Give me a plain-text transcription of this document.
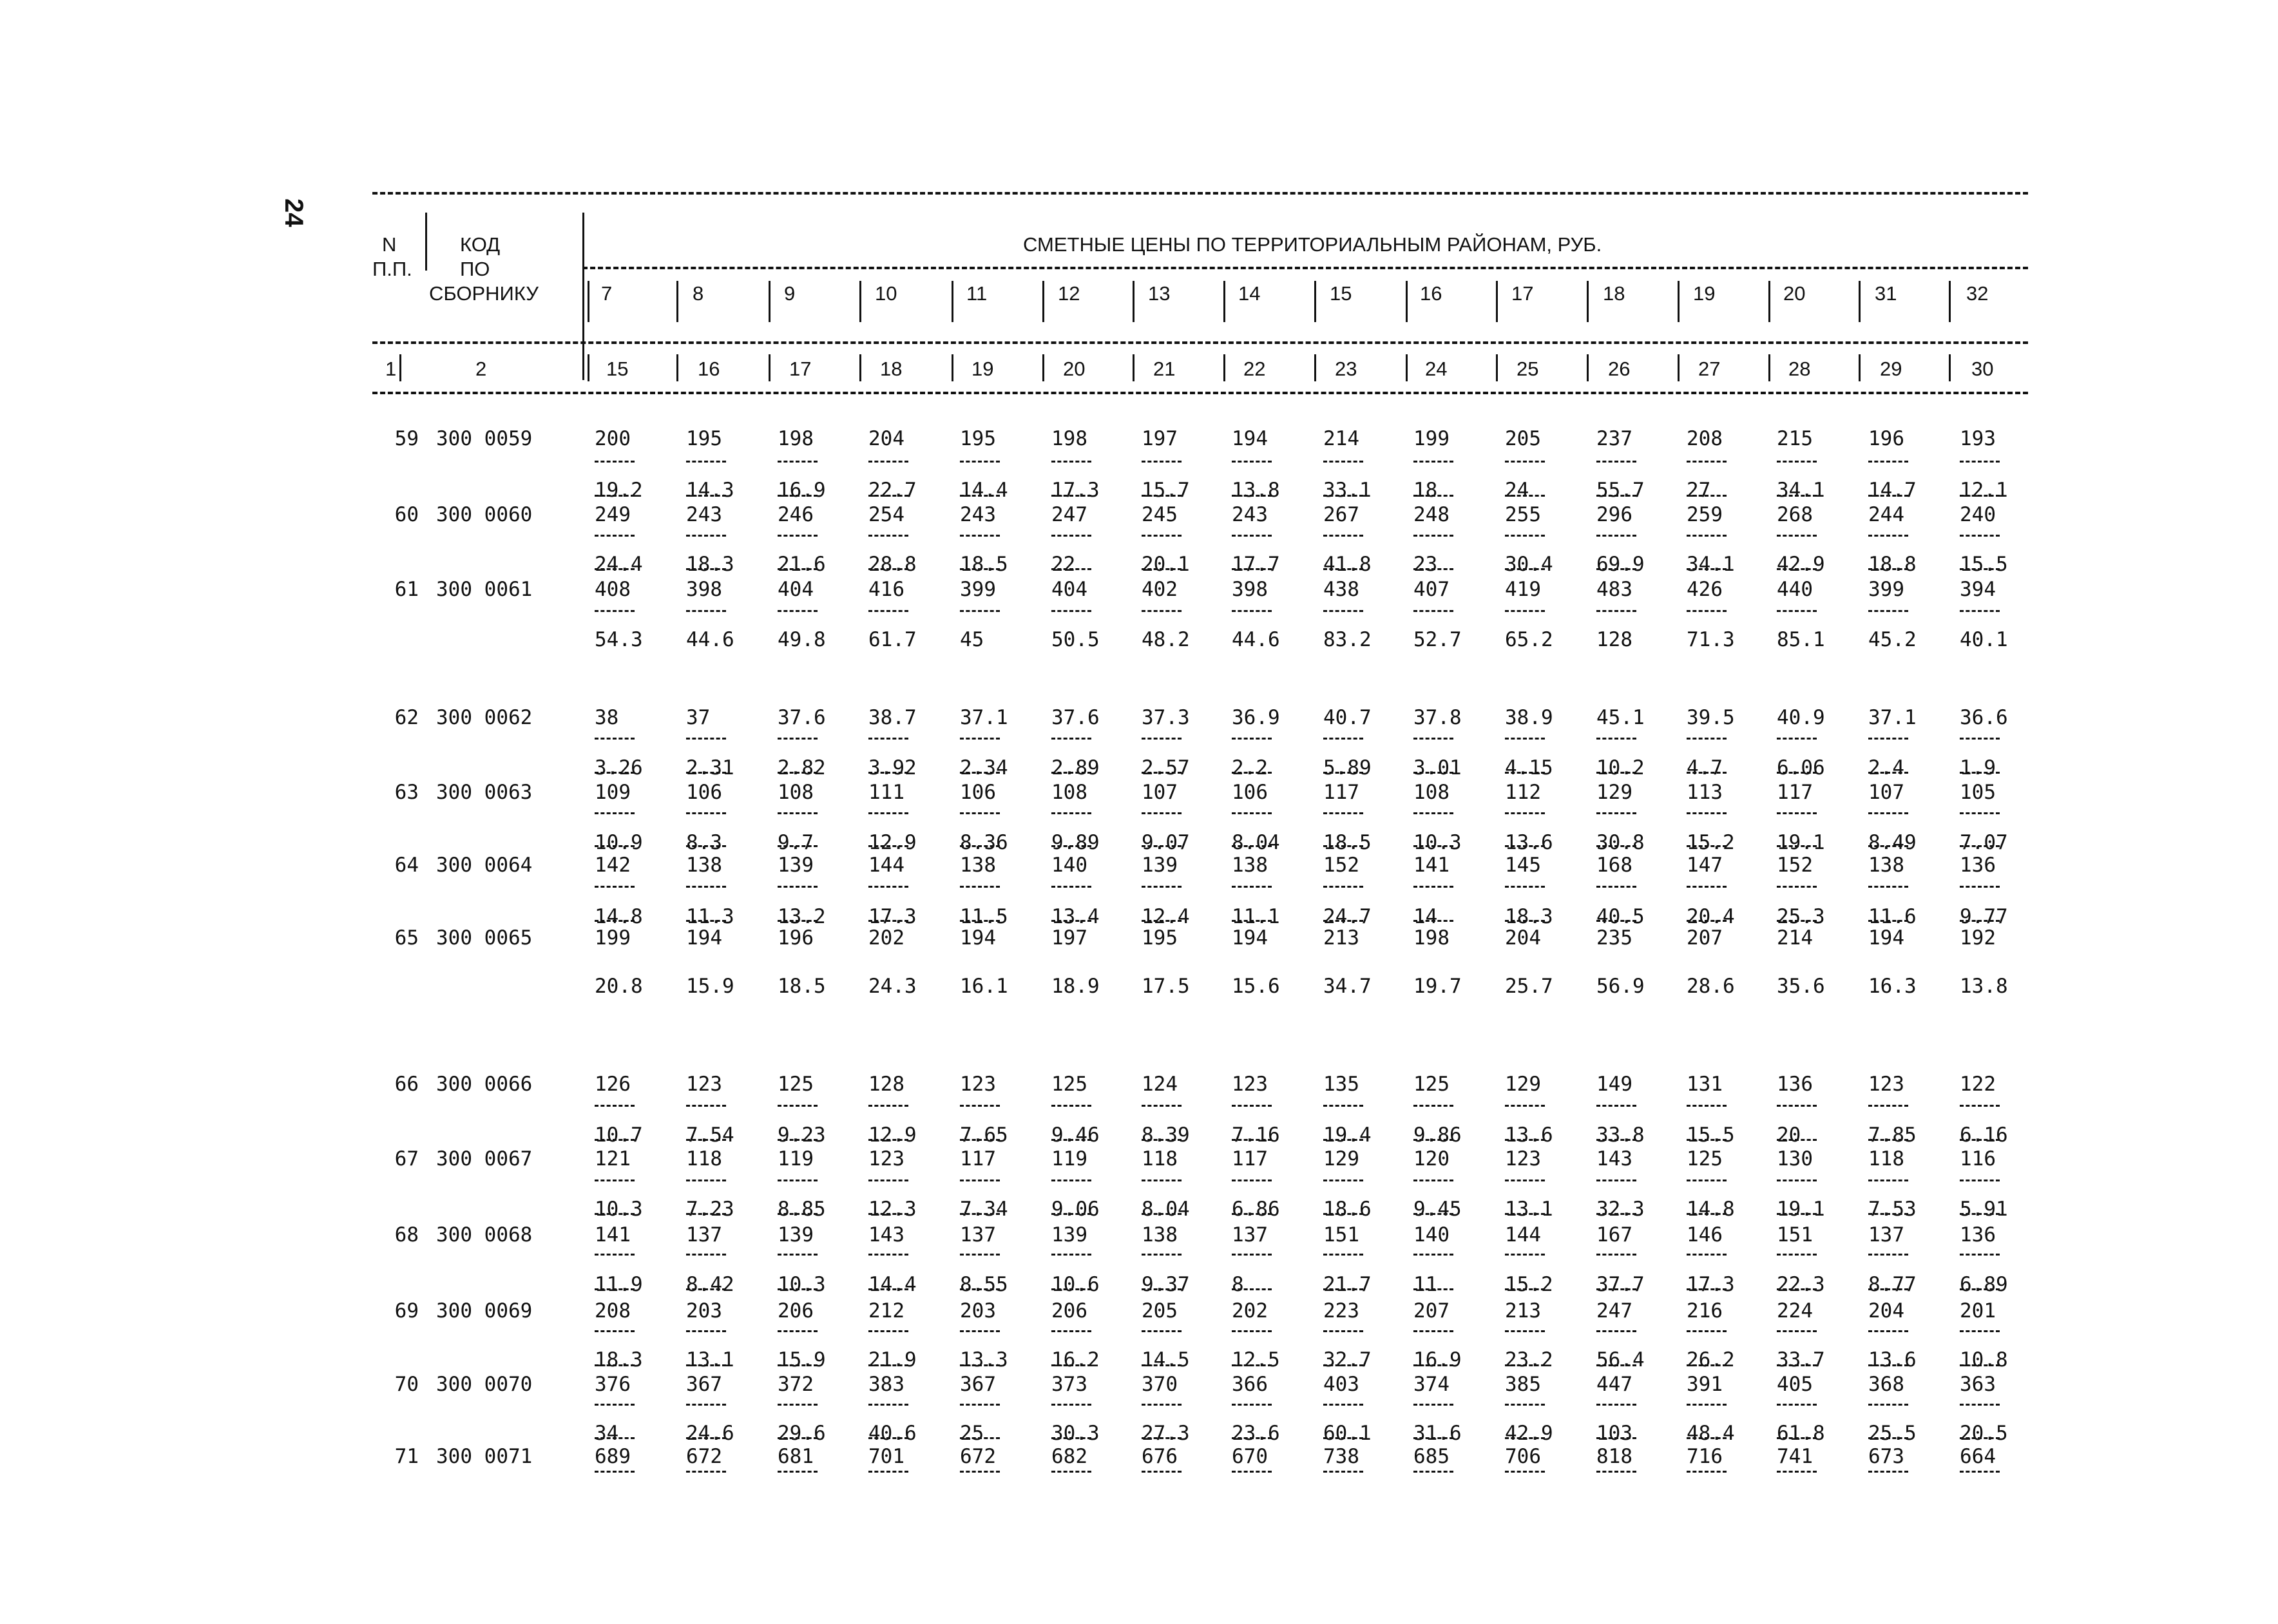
24
N
П.П.
КОД
ПО
СБОРНИКУ
СМЕТНЫЕ ЦЕНЫ ПО ТЕРРИТОРИАЛЬНЫМ РАЙОНАМ, РУБ.
7	8	9	10	11	12	13	14	15	16	17	18	19	20	31	32
1	2	15	16	17	18	19	20	21	22	23	24	25	26	27	28	29	30
59 300 0059	200	195	198	204	195	198	197	194	214	199	205	237	208	215	196	193
19.2 14.3 16.9 22.7 14.4 17.3 15.7 13.8 33.1 18	24	55.7 27	34.1 14.7 12.1
60 300 0060	249	243	246	254	243	247	245	243	267	248	255	296	259	268	244	240
24.4 18.3 21.6 28.8 18.5 22	20.1 17.7 41.8 23	30.4 69.9 34.1 42.9 18.8 15.5
61 300 0061	408	398	404	416	399	404	402	398	438	407	419	483	426	440	399	394
54.3 44.6 49.8 61.7 45	50.5 48.2 44.6 83.2 52.7 65.2 128	71.3 85.1 45.2 40.1
62 300 0062	38	37	37.6 38.7 37.1 37.6 37.3 36.9 40.7 37.8 38.9 45.1 39.5 40.9 37.1 36.6
3.26 2.31 2.82 3.92 2.34 2.89 2.57 2.2	5.89 3.01 4.15 10.2 4.7	6.06 2.4	1.9
63 300 0063	109	106	108	111	106	108	107	106	117	108	112	129	113	117	107	105
10.9 8.3	9.7	12.9 8.36 9.89 9.07 8.04 18.5 10.3 13.6 30.8 15.2 19.1 8.49 7.07
64 300 0064	142	138	139	144	138	140	139	138	152	141	145	168	147	152	138	136
14.8 11.3 13.2 17.3 11.5 13.4 12.4 11.1 24.7 14	18.3 40.5 20.4 25.3 11.6 9.77
65 300 0065	199	194	196	202	194	197	195	194	213	198	204	235	207	214	194	192
20.8 15.9 18.5 24.3 16.1 18.9 17.5 15.6 34.7 19.7 25.7 56.9 28.6 35.6 16.3 13.8
66 300 0066	126	123	125	128	123	125	124	123	135	125	129	149	131	136	123	122
10.7 7.54 9.23 12.9 7.65 9.46 8.39 7.16 19.4 9.86 13.6 33.8 15.5 20	7.85 6.16
67 300 0067	121	118	119	123	117	119	118	117	129	120	123	143	125	130	118	116
10.3 7.23 8.85 12.3 7.34 9.06 8.04 6.86 18.6 9.45 13.1 32.3 14.8 19.1 7.53 5.91
68 300 0068	141	137	139	143	137	139	138	137	151	140	144	167	146	151	137	136
11.9 8.42 10.3 14.4 8.55 10.6 9.37 8	21.7 11	15.2 37.7 17.3 22.3 8.77 6.89
69 300 0069	208	203	206	212	203	206	205	202	223	207	213	247	216	224	204	201
18.3 13.1 15.9 21.9 13.3 16.2 14.5 12.5 32.7 16.9 23.2 56.4 26.2 33.7 13.6 10.8
70 300 0070	376	367	372	383	367	373	370	366	403	374	385	447	391	405	368	363
34	24.6 29.6 40.6 25	30.3 27.3 23.6 60.1 31.6 42.9 103	48.4 61.8 25.5 20.5
71 300 0071	689	672	681	701	672	682	676	670	738	685	706	818	716	741	673	664
